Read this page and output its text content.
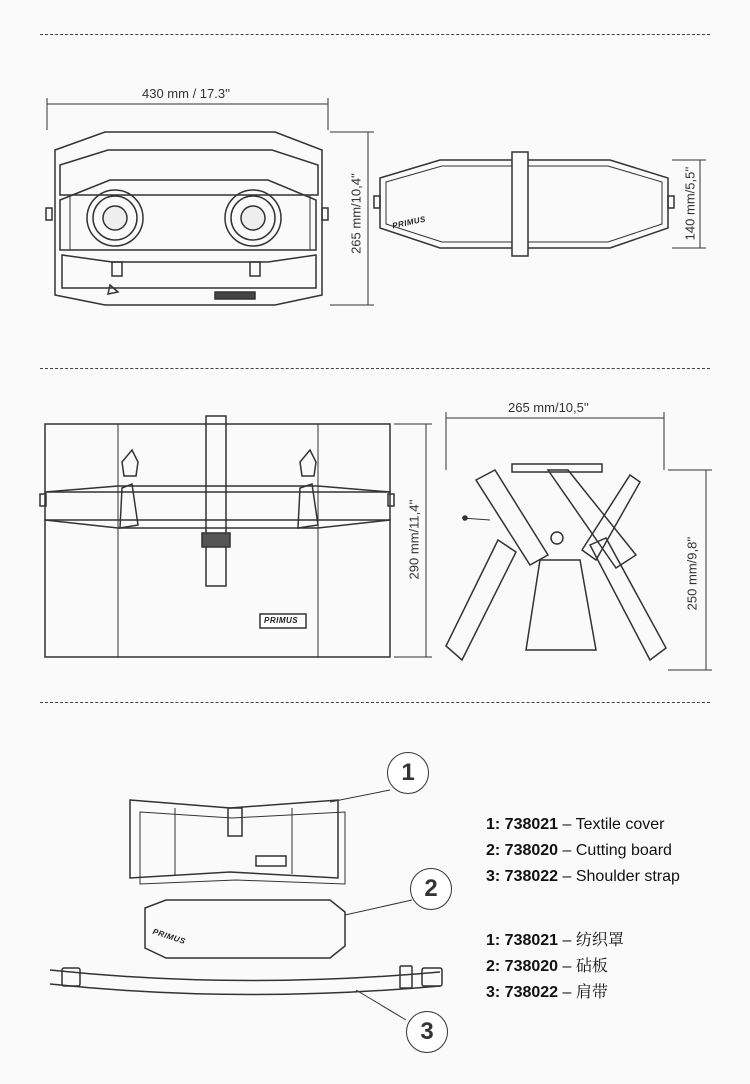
430 mm / 17.3''
265 mm/10,4''	140 mm/5,5''
290 mm/11,4''
265 mm/10,5''
250 mm/9,8''
PRIMUS
PRIMUS
PRIMUS
1
2
3
1: 738021 – Textile cover
2: 738020 – Cutting board
3: 738022 – Shoulder strap
1: 738021 – 纺织罩
2: 738020 – 砧板
3: 738022 – 肩带
